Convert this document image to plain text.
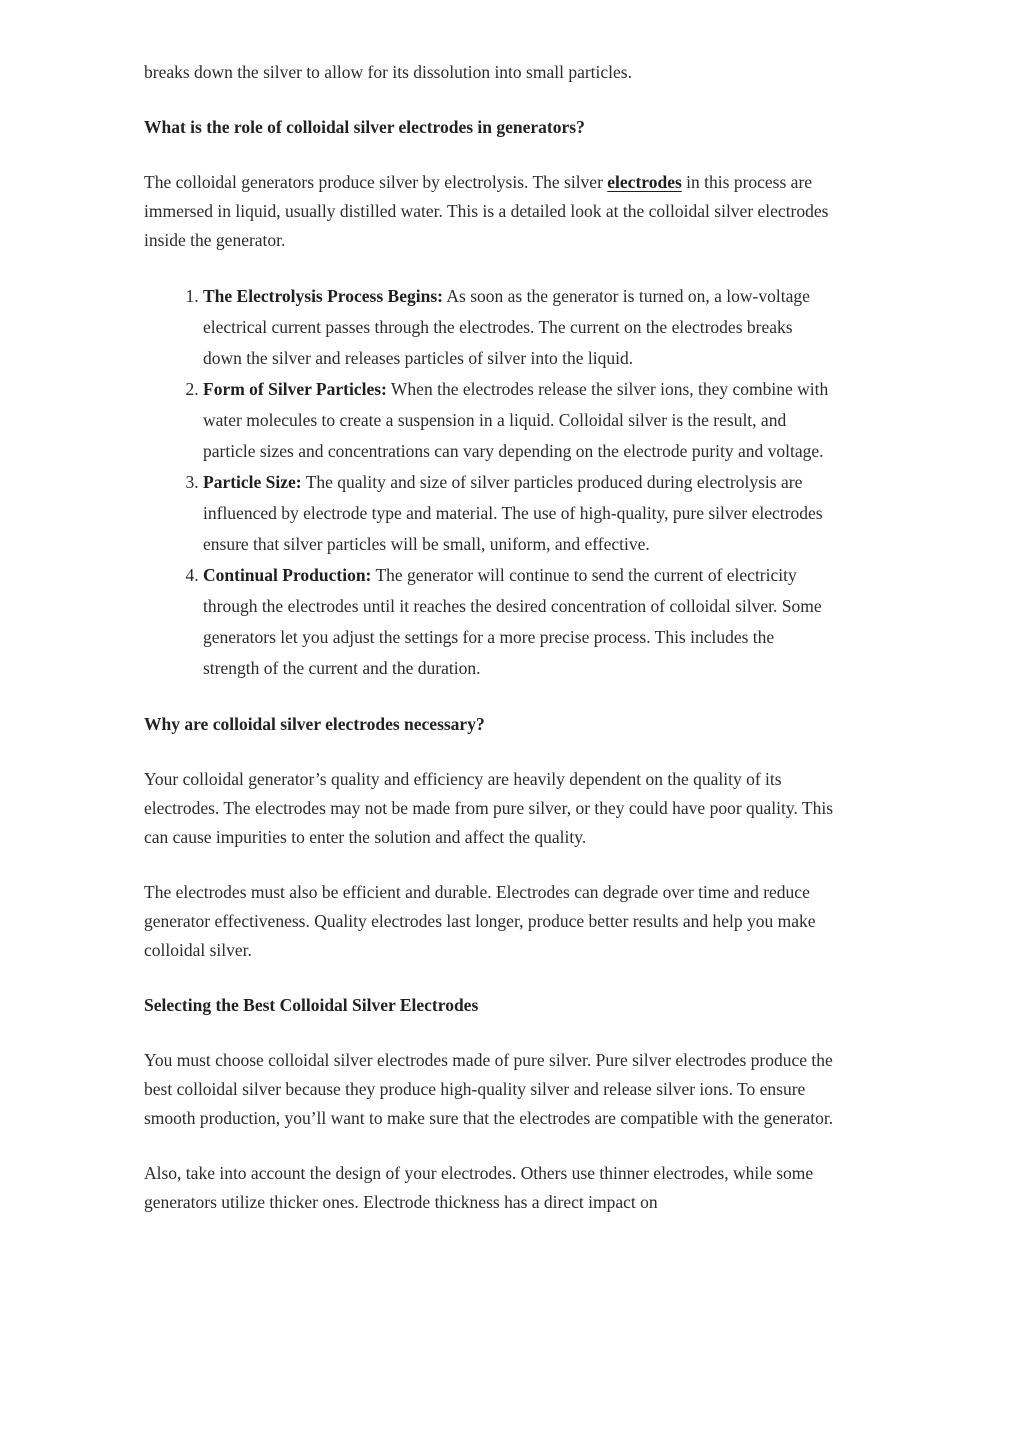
breaks down the silver to allow for its dissolution into small particles.

What is the role of colloidal silver electrodes in generators?

The colloidal generators produce silver by electrolysis. The silver electrodes in this process are immersed in liquid, usually distilled water. This is a detailed look at the colloidal silver electrodes inside the generator.

1. The Electrolysis Process Begins: As soon as the generator is turned on, a low-voltage electrical current passes through the electrodes. The current on the electrodes breaks down the silver and releases particles of silver into the liquid.
2. Form of Silver Particles: When the electrodes release the silver ions, they combine with water molecules to create a suspension in a liquid. Colloidal silver is the result, and particle sizes and concentrations can vary depending on the electrode purity and voltage.
3. Particle Size: The quality and size of silver particles produced during electrolysis are influenced by electrode type and material. The use of high-quality, pure silver electrodes ensure that silver particles will be small, uniform, and effective.
4. Continual Production: The generator will continue to send the current of electricity through the electrodes until it reaches the desired concentration of colloidal silver. Some generators let you adjust the settings for a more precise process. This includes the strength of the current and the duration.
Why are colloidal silver electrodes necessary?

Your colloidal generator’s quality and efficiency are heavily dependent on the quality of its electrodes. The electrodes may not be made from pure silver, or they could have poor quality. This can cause impurities to enter the solution and affect the quality.

The electrodes must also be efficient and durable. Electrodes can degrade over time and reduce generator effectiveness. Quality electrodes last longer, produce better results and help you make colloidal silver.

Selecting the Best Colloidal Silver Electrodes

You must choose colloidal silver electrodes made of pure silver. Pure silver electrodes produce the best colloidal silver because they produce high-quality silver and release silver ions. To ensure smooth production, you’ll want to make sure that the electrodes are compatible with the generator.

Also, take into account the design of your electrodes. Others use thinner electrodes, while some generators utilize thicker ones. Electrode thickness has a direct impact on
